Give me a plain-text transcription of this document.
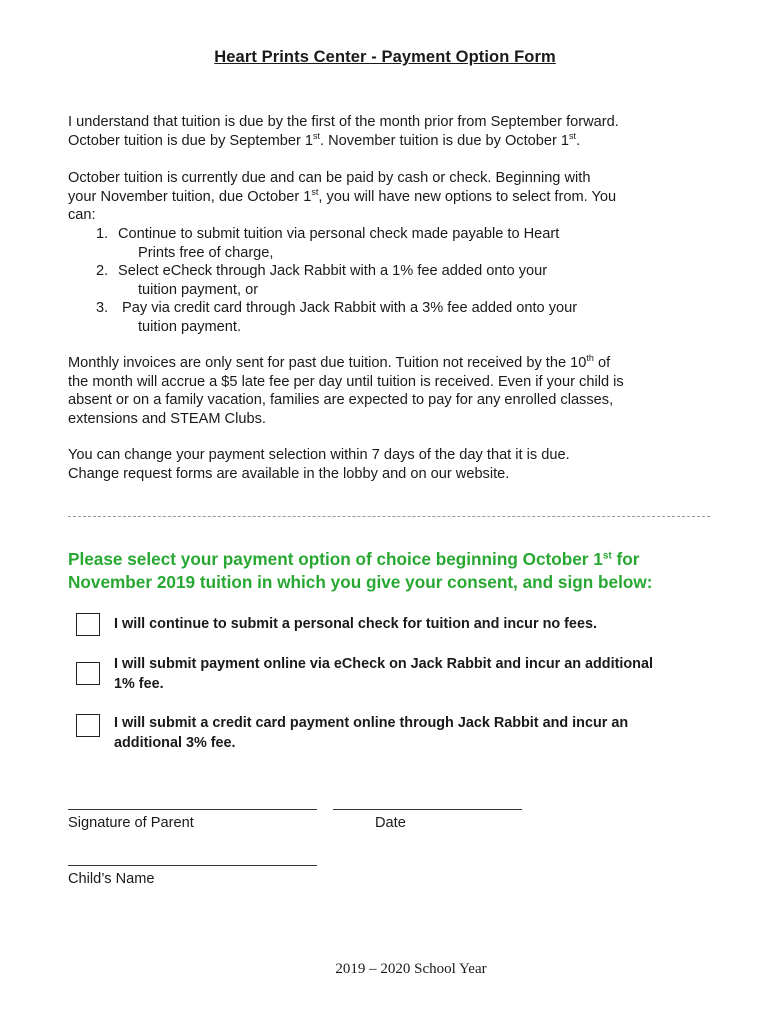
Heart Prints Center - Payment Option Form
I understand that tuition is due by the first of the month prior from September forward.
October tuition is due by September 1st. November tuition is due by October 1st.
October tuition is currently due and can be paid by cash or check. Beginning with
your November tuition, due October 1st, you will have new options to select from. You
can:
1. Continue to submit tuition via personal check made payable to Heart
Prints free of charge,
2. Select eCheck through Jack Rabbit with a 1% fee added onto your
tuition payment, or
3. Pay via credit card through Jack Rabbit with a 3% fee added onto your
tuition payment.
Monthly invoices are only sent for past due tuition. Tuition not received by the 10th of
the month will accrue a $5 late fee per day until tuition is received. Even if your child is
absent or on a family vacation, families are expected to pay for any enrolled classes,
extensions and STEAM Clubs.
You can change your payment selection within 7 days of the day that it is due.
Change request forms are available in the lobby and on our website.
Please select your payment option of choice beginning October 1st for
November 2019 tuition in which you give your consent, and sign below:
I will continue to submit a personal check for tuition and incur no fees.
I will submit payment online via eCheck on Jack Rabbit and incur an additional
1% fee.
I will submit a credit card payment online through Jack Rabbit and incur an
additional 3% fee.
Signature of Parent	Date
Child’s Name
2019 – 2020 School Year
